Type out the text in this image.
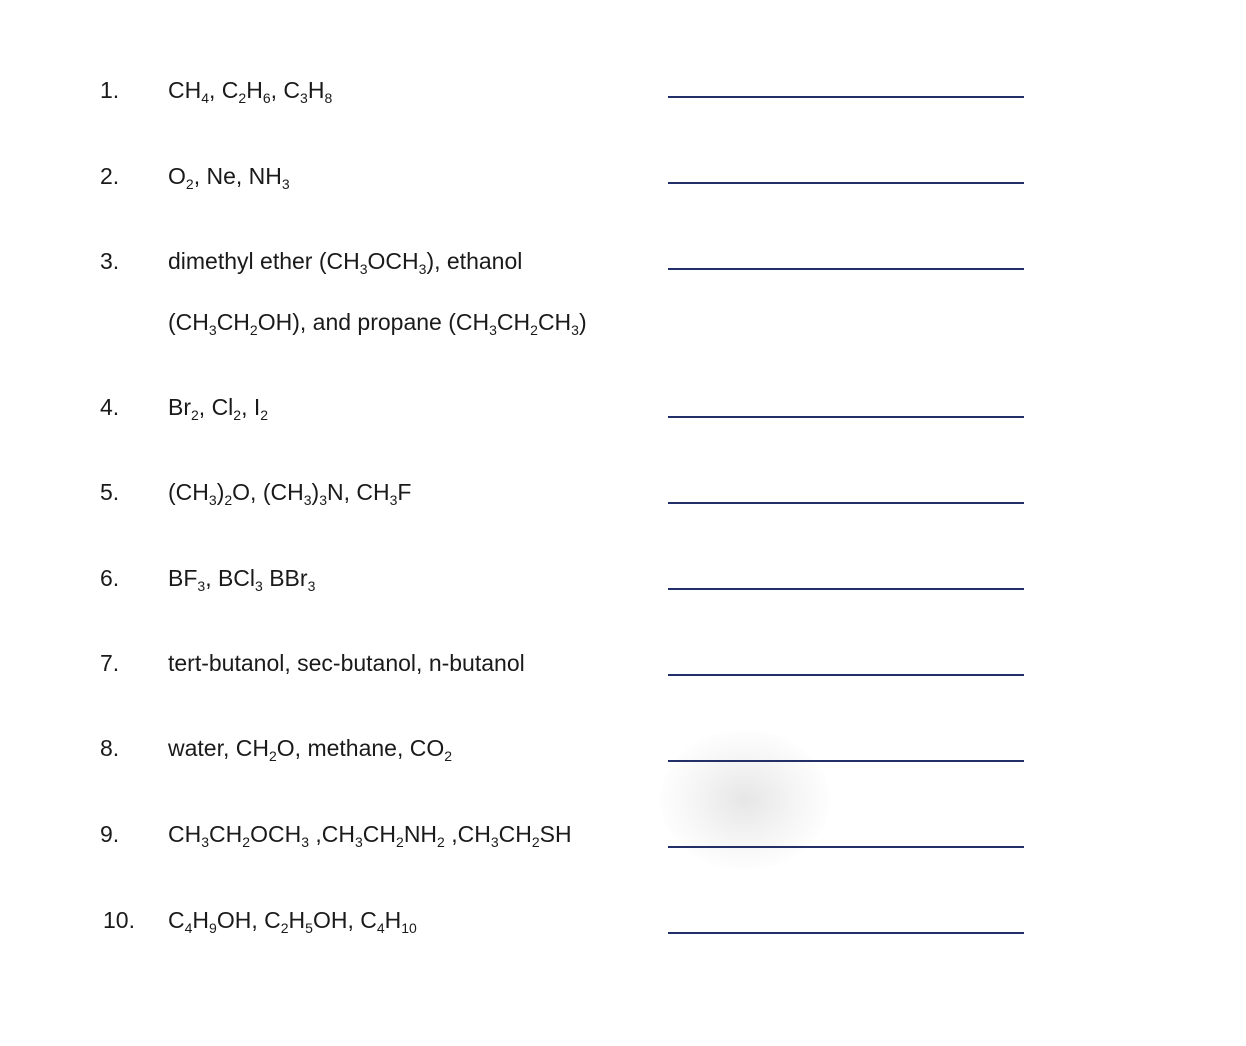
1. $CH_4$, $C_2H_6$, $C_3H_8$
2. $O_2$, Ne, $NH_3$
3. dimethyl ether $(CH_3OCH_3)$, ethanol
$(CH_3CH_2OH)$, and propane $(CH_3CH_2CH_3)$
4. $Br_2$, $Cl_2$, $I_2$
5. $(CH_3)_2O$, $(CH_3)_3N$, $CH_3F$
6. $BF_3$, BCl$_3$ BBr$_3$
7. tert-butanol, sec-butanol, n-butanol
8. water, $CH_2O$, methane, $CO_2$
9. $CH_3CH_2OCH_3$ $,CH_3CH_2NH_2$ $,CH_3CH_2SH$
10. $C_4H_9OH$, $C_2H_5OH$, $C_4H_{10}$
